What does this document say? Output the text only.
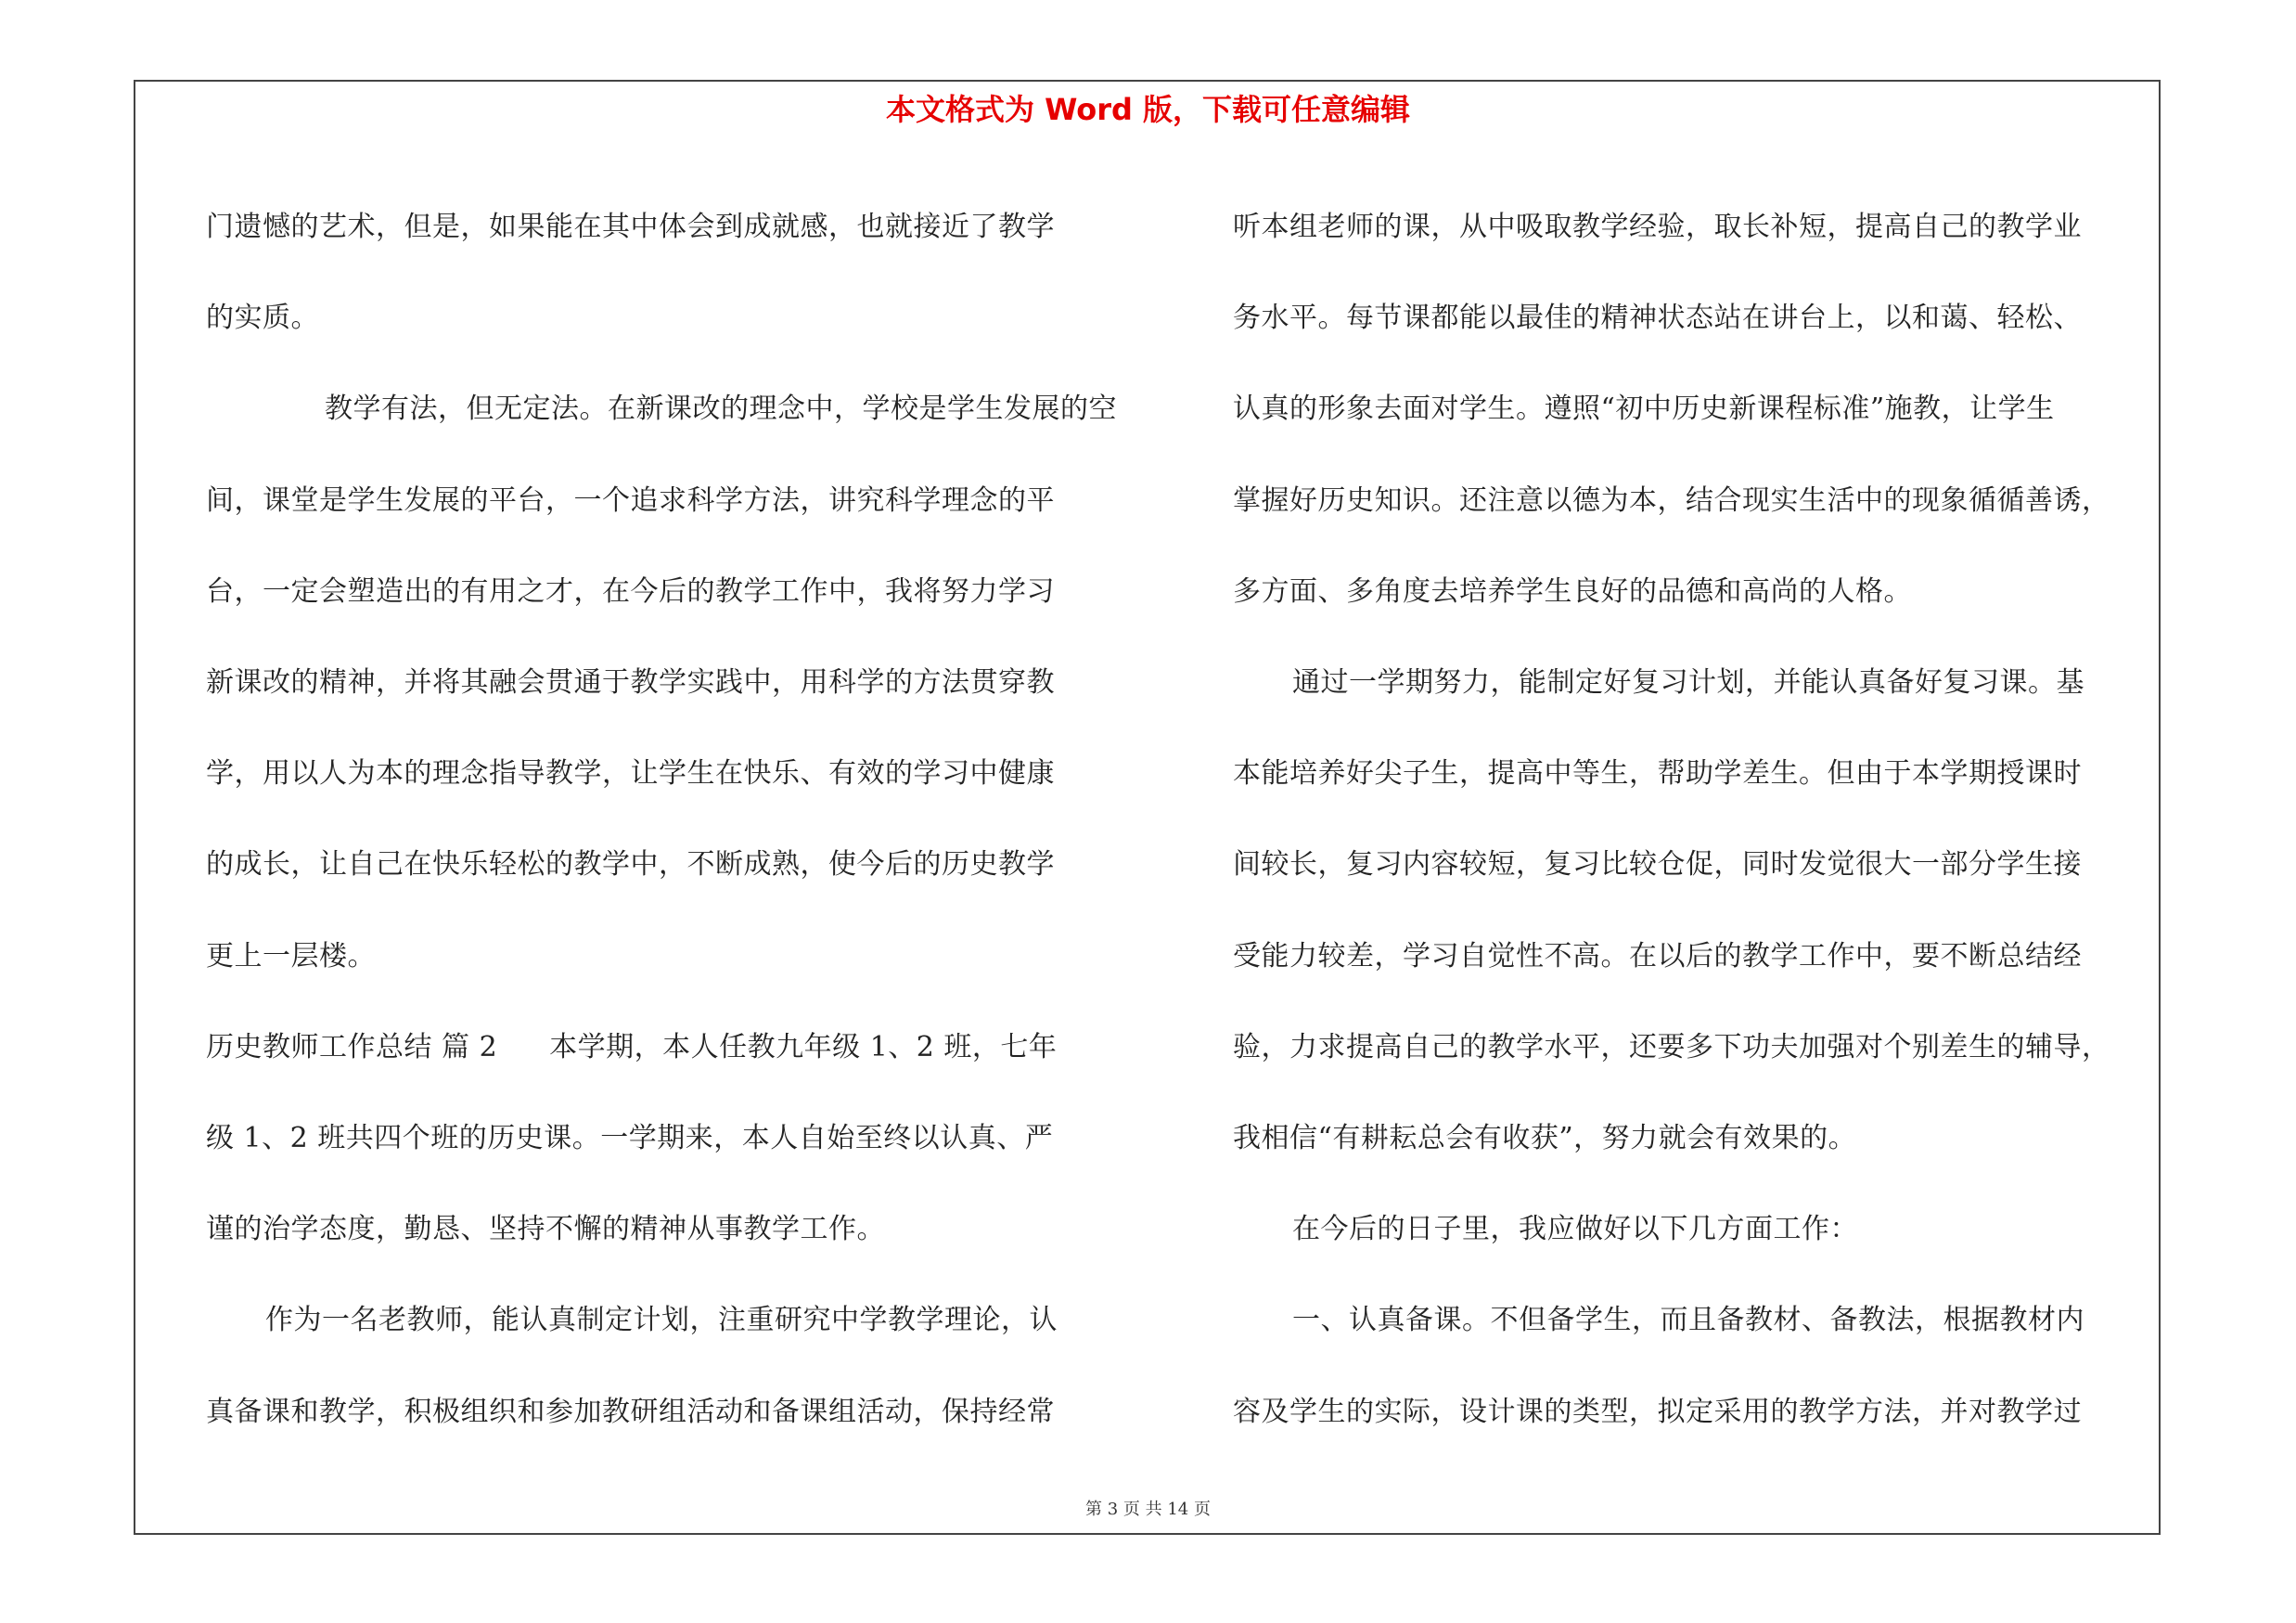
本文格式为 Word 版，下载可任意编辑
门遗憾的艺术，但是，如果能在其中体会到成就感，也就接近了教学
的实质。
教学有法，但无定法。在新课改的理念中，学校是学生发展的空
间，课堂是学生发展的平台，一个追求科学方法，讲究科学理念的平
台，一定会塑造出的有用之才，在今后的教学工作中，我将努力学习
新课改的精神，并将其融会贯通于教学实践中，用科学的方法贯穿教
学，用以人为本的理念指导教学，让学生在快乐、有效的学习中健康
的成长，让自己在快乐轻松的教学中，不断成熟，使今后的历史教学
更上一层楼。
历史教师工作总结 篇 2 本学期，本人任教九年级 1、2 班，七年
级 1、2 班共四个班的历史课。一学期来，本人自始至终以认真、严
谨的治学态度，勤恳、坚持不懈的精神从事教学工作。
作为一名老教师，能认真制定计划，注重研究中学教学理论，认
真备课和教学，积极组织和参加教研组活动和备课组活动，保持经常
听本组老师的课，从中吸取教学经验，取长补短，提高自己的教学业
务水平。每节课都能以最佳的精神状态站在讲台上，以和蔼、轻松、
认真的形象去面对学生。遵照“初中历史新课程标准”施教，让学生
掌握好历史知识。还注意以德为本，结合现实生活中的现象循循善诱，
多方面、多角度去培养学生良好的品德和高尚的人格。
通过一学期努力，能制定好复习计划，并能认真备好复习课。基
本能培养好尖子生，提高中等生，帮助学差生。但由于本学期授课时
间较长，复习内容较短，复习比较仓促，同时发觉很大一部分学生接
受能力较差，学习自觉性不高。在以后的教学工作中，要不断总结经
验，力求提高自己的教学水平，还要多下功夫加强对个别差生的辅导，
我相信“有耕耘总会有收获”，努力就会有效果的。
在今后的日子里，我应做好以下几方面工作：
一、认真备课。不但备学生，而且备教材、备教法，根据教材内
容及学生的实际，设计课的类型，拟定采用的教学方法，并对教学过
第 3 页 共 14 页
